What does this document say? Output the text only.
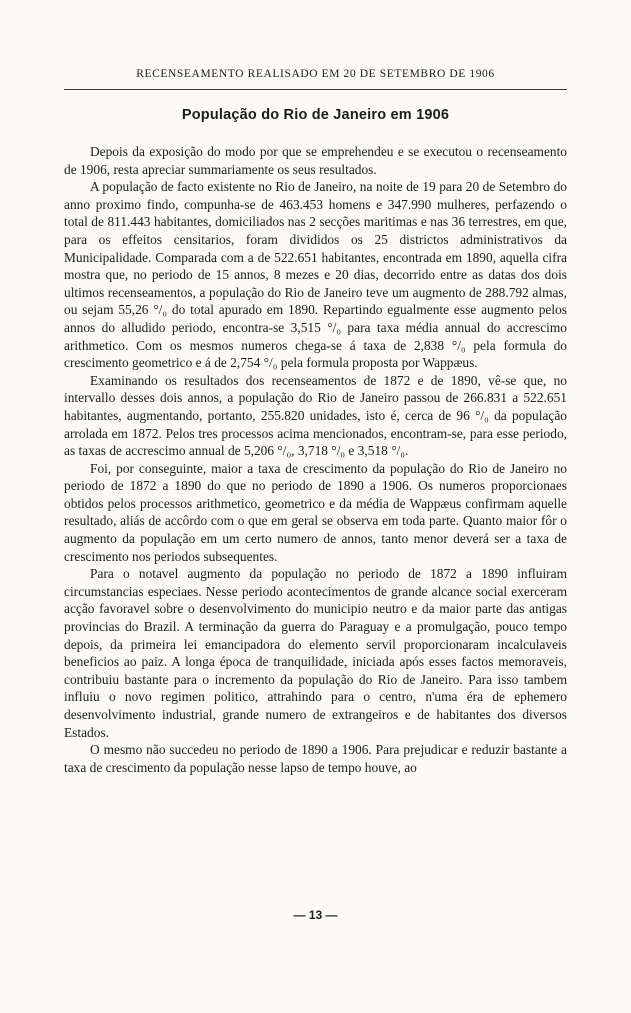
RECENSEAMENTO REALISADO EM 20 DE SETEMBRO DE 1906
População do Rio de Janeiro em 1906

Depois da exposição do modo por que se emprehendeu e se executou o recenseamento de 1906, resta apreciar summariamente os seus resultados.

A população de facto existente no Rio de Janeiro, na noite de 19 para 20 de Setembro do anno proximo findo, compunha-se de 463.453 homens e 347.990 mulheres, perfazendo o total de 811.443 habitantes, domiciliados nas 2 secções maritimas e nas 36 terrestres, em que, para os effeitos censitarios, foram divididos os 25 districtos administrativos da Municipalidade. Comparada com a de 522.651 habitantes, encontrada em 1890, aquella cifra mostra que, no periodo de 15 annos, 8 mezes e 20 dias, decorrido entre as datas dos dois ultimos recenseamentos, a população do Rio de Janeiro teve um augmento de 288.792 almas, ou sejam 55,26 °/₀ do total apurado em 1890. Repartindo egualmente esse augmento pelos annos do alludido periodo, encontra-se 3,515 °/₀ para taxa média annual do accrescimo arithmetico. Com os mesmos numeros chega-se á taxa de 2,838 °/₀ pela formula do crescimento geometrico e á de 2,754 °/₀ pela formula proposta por Wappæus.

Examinando os resultados dos recenseamentos de 1872 e de 1890, vê-se que, no intervallo desses dois annos, a população do Rio de Janeiro passou de 266.831 a 522.651 habitantes, augmentando, portanto, 255.820 unidades, isto é, cerca de 96 °/₀ da população arrolada em 1872. Pelos tres processos acima mencionados, encontram-se, para esse periodo, as taxas de accrescimo annual de 5,206 °/₀, 3,718 °/₀ e 3,518 °/₀.

Foi, por conseguinte, maior a taxa de crescimento da população do Rio de Janeiro no periodo de 1872 a 1890 do que no periodo de 1890 a 1906. Os numeros proporcionaes obtidos pelos processos arithmetico, geometrico e da média de Wappæus confirmam aquelle resultado, aliás de accôrdo com o que em geral se observa em toda parte. Quanto maior fôr o augmento da população em um certo numero de annos, tanto menor deverá ser a taxa de crescimento nos periodos subsequentes.

Para o notavel augmento da população no periodo de 1872 a 1890 influiram circumstancias especiaes. Nesse periodo acontecimentos de grande alcance social exerceram acção favoravel sobre o desenvolvimento do municipio neutro e da maior parte das antigas provincias do Brazil. A terminação da guerra do Paraguay e a promulgação, pouco tempo depois, da primeira lei emancipadora do elemento servil proporcionaram incalculaveis beneficios ao paiz. A longa época de tranquilidade, iniciada após esses factos memoraveis, contribuiu bastante para o incremento da população do Rio de Janeiro. Para isso tambem influiu o novo regimen politico, attrahindo para o centro, n'uma éra de ephemero desenvolvimento industrial, grande numero de extrangeiros e de habitantes dos diversos Estados.

O mesmo não succedeu no periodo de 1890 a 1906. Para prejudicar e reduzir bastante a taxa de crescimento da população nesse lapso de tempo houve, ao

— 13 —
